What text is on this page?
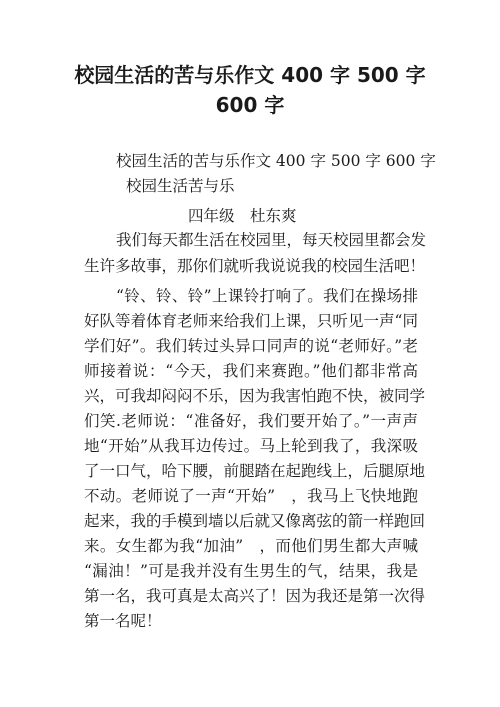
校园生活的苦与乐作文 400 字 500 字
600 字

校园生活的苦与乐作文 400 字 500 字 600 字

校园生活苦与乐

四年级　杜东爽

我们每天都生活在校园里，每天校园里都会发

生许多故事，那你们就听我说说我的校园生活吧！

“铃、铃、铃”上课铃打响了。我们在操场排

好队等着体育老师来给我们上课，只听见一声“同

学们好”。我们转过头异口同声的说“老师好。”老

师接着说：“今天，我们来赛跑。”他们都非常高

兴，可我却闷闷不乐，因为我害怕跑不快，被同学

们笑.老师说：“准备好，我们要开始了。”一声声

地“开始”从我耳边传过。马上轮到我了，我深吸

了一口气，哈下腰，前腿踏在起跑线上，后腿原地

不动。老师说了一声“开始”　，我马上飞快地跑

起来，我的手模到墙以后就又像离弦的箭一样跑回

来。女生都为我“加油”　，而他们男生都大声喊

“漏油！”可是我并没有生男生的气，结果，我是

第一名，我可真是太高兴了！因为我还是第一次得

第一名呢！
